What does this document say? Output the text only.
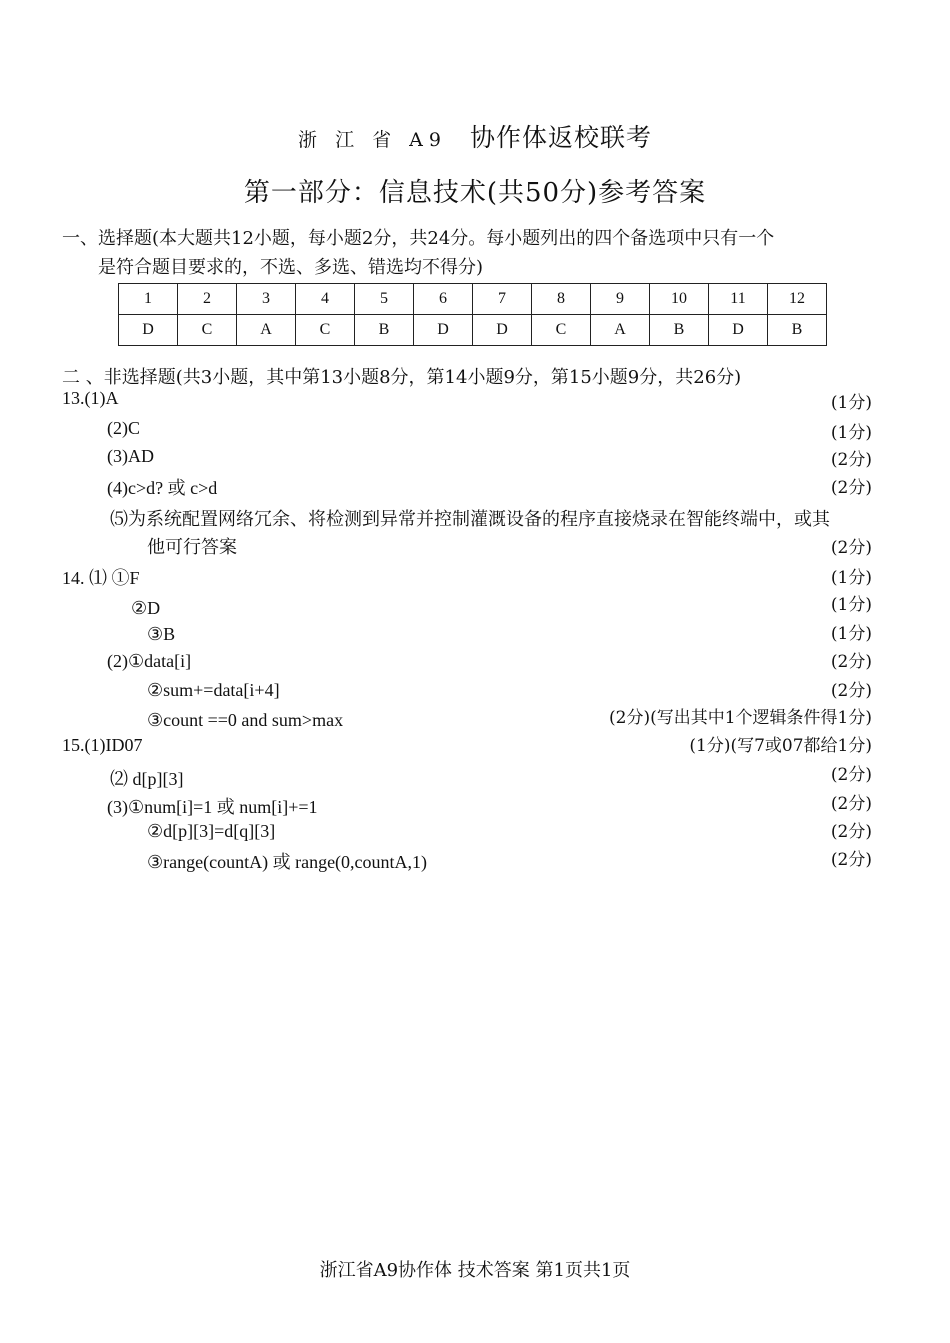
浙 江 省 A9 协作体返校联考
第一部分：信息技术(共50分)参考答案
一、选择题(本大题共12小题，每小题2分，共24分。每小题列出的四个备选项中只有一个
是符合题目要求的，不选、多选、错选均不得分)
1	2	3	4	5	6	7	8	9	10	11	12
D	C	A	C	B	D	D	C	A	B	D	B
二 、非选择题(共3小题，其中第13小题8分，第14小题9分，第15小题9分，共26分)
13.(1)A	(1分)
(2)C	(1分)
(3)AD	(2分)
(4)c>d? 或 c>d	(2分)
⑸为系统配置网络冗余、将检测到异常并控制灌溉设备的程序直接烧录在智能终端中，或其
他可行答案	(2分)
14. ⑴ ①F	(1分)
②D	(1分)
③B	(1分)
(2)①data[i]	(2分)
②sum+=data[i+4]	(2分)
③count ==0 and sum>max	(2分)(写出其中1个逻辑条件得1分)
15.(1)ID07	(1分)(写7或07都给1分)
⑵ d[p][3]	(2分)
(3)①num[i]=1 或 num[i]+=1	(2分)
②d[p][3]=d[q][3]	(2分)
③range(countA) 或 range(0,countA,1)	(2分)
浙江省A9协作体 技术答案 第1页共1页
